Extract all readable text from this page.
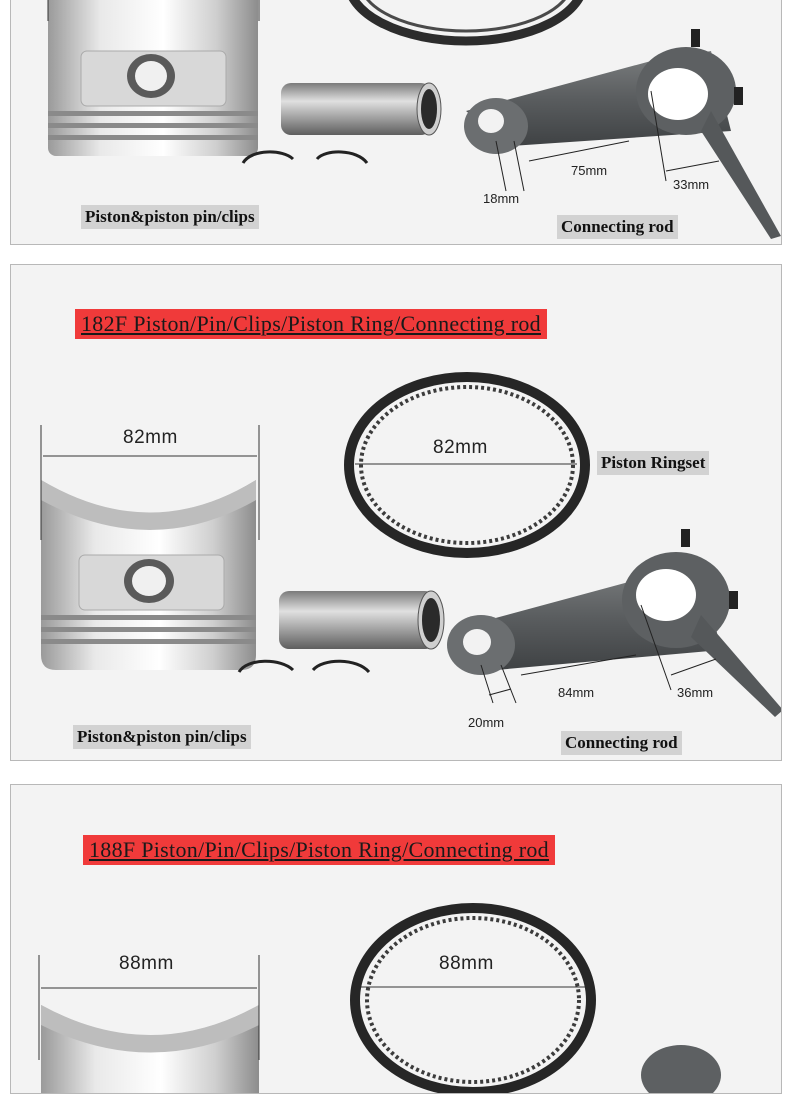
75mm
33mm
18mm
Piston&piston pin/clips
Connecting rod
182F Piston/Pin/Clips/Piston Ring/Connecting rod
82mm	82mm
Piston Ringset
84mm	36mm
20mm
Piston&piston pin/clips	Connecting rod
188F Piston/Pin/Clips/Piston Ring/Connecting rod
88mm	88mm
